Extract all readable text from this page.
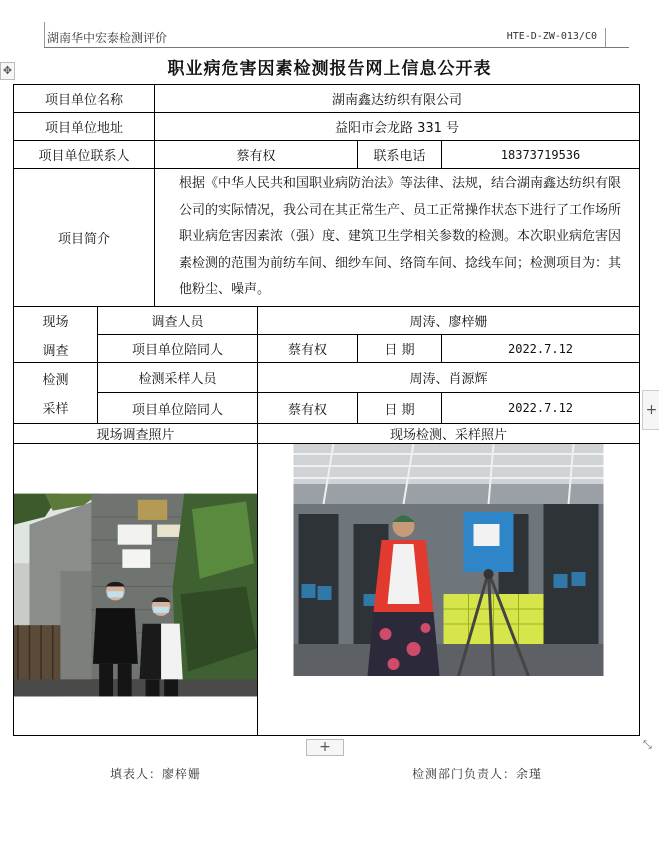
湖南华中宏泰检测评价	HTE-D-ZW-013/C0
✥	职业病危害因素检测报告网上信息公开表
项目单位名称		湖南鑫达纺织有限公司			
项目单位地址		益阳市会龙路 331 号			
项目单位联系人		蔡有权		联系电话	18373719536
项目简介		根据《中华人民共和国职业病防治法》等法律、法规，结合湖南鑫达纺织有限公司的实际情况，我公司在其正常生产、员工正常操作状态下进行了工作场所职业病危害因素浓（强）度、建筑卫生学相关参数的检测。本次职业病危害因素检测的范围为前纺车间、细纱车间、络筒车间、捻线车间；检测项目为：其他粉尘、噪声。			

现场
调查	调查人员		周涛、廖梓姗		
	项目单位陪同人		蔡有权	日 期	2022.7.12

检测
采样	检测采样人员		周涛、肖源辉		
	项目单位陪同人		蔡有权	日 期	2022.7.12
现场调查照片			现场检测、采样照片		

+
+	⤡
填表人：廖梓姗	检测部门负责人：余瑾
